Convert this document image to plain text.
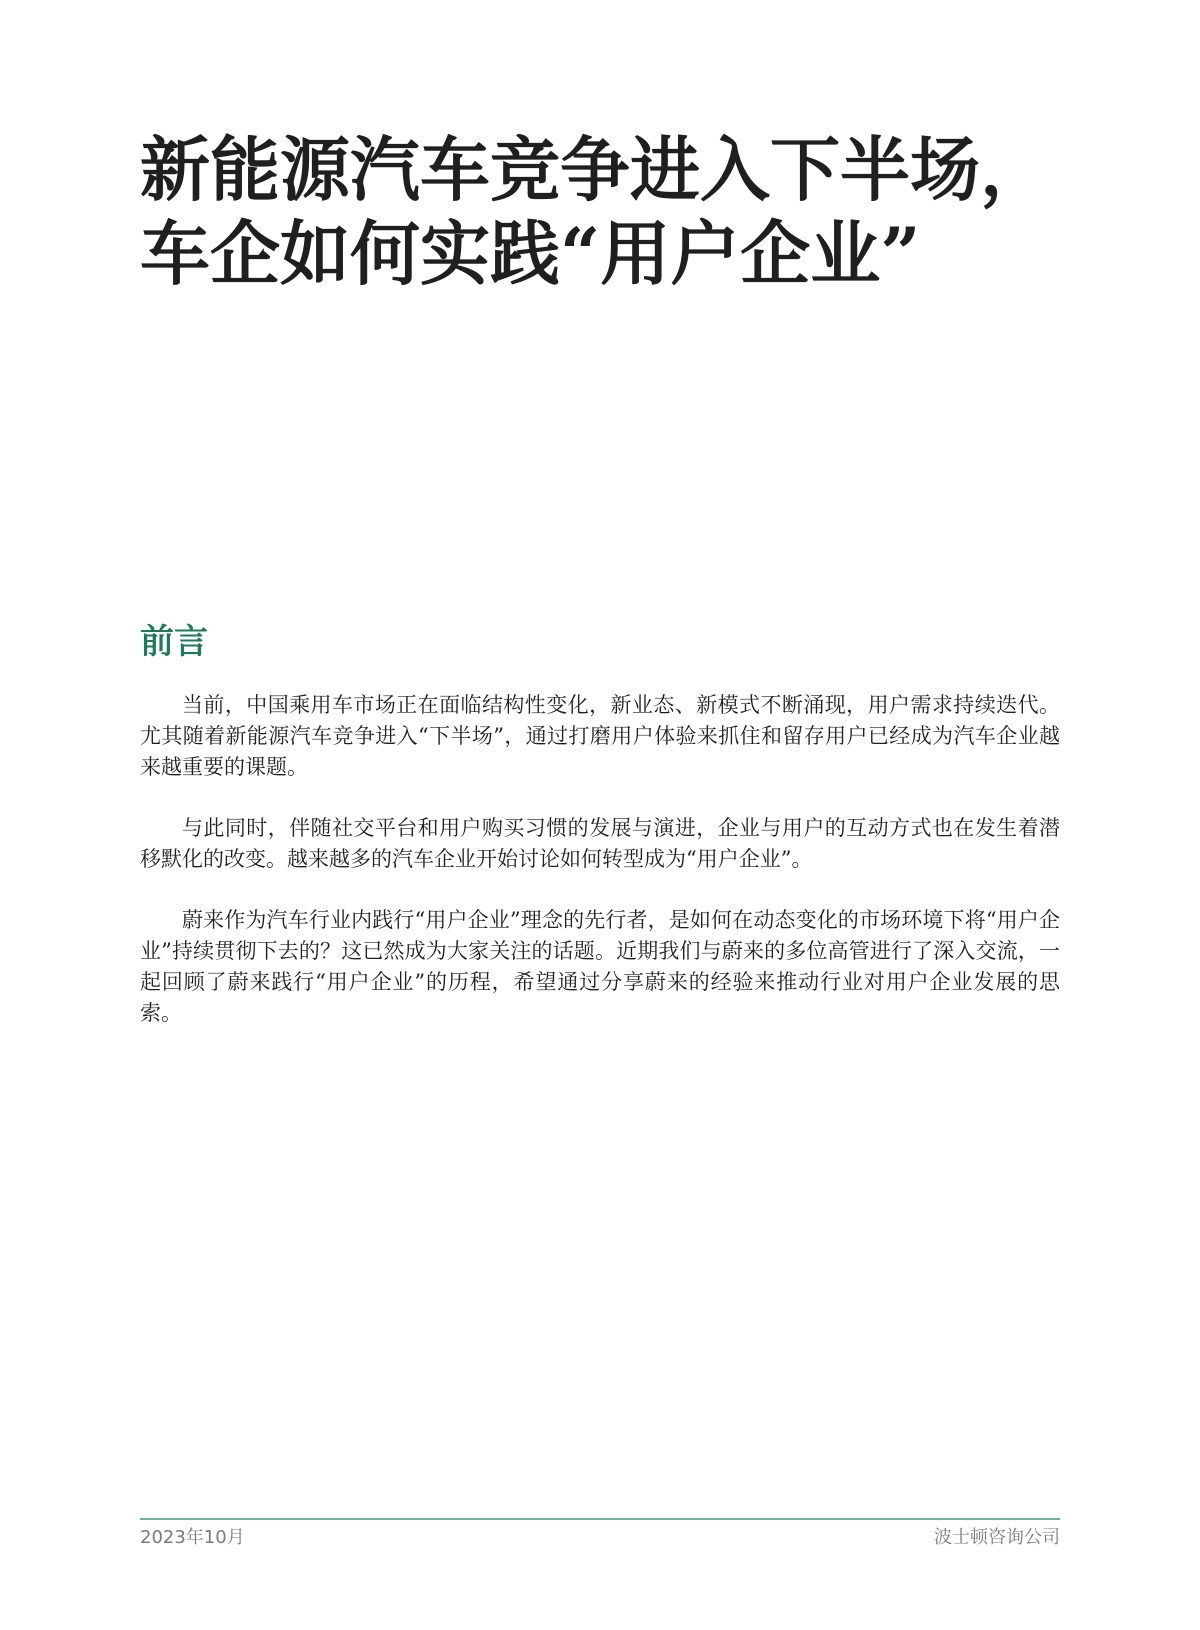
新能源汽车竞争进入下半场，
车企如何实践“用户企业”
前言

当前，中国乘用车市场正在面临结构性变化，新业态、新模式不断涌现，用户需求持续迭代。尤其随着新能源汽车竞争进入“下半场”，通过打磨用户体验来抓住和留存用户已经成为汽车企业越来越重要的课题。

与此同时，伴随社交平台和用户购买习惯的发展与演进，企业与用户的互动方式也在发生着潜移默化的改变。越来越多的汽车企业开始讨论如何转型成为“用户企业”。

蔚来作为汽车行业内践行“用户企业”理念的先行者，是如何在动态变化的市场环境下将“用户企业”持续贯彻下去的？这已然成为大家关注的话题。近期我们与蔚来的多位高管进行了深入交流，一起回顾了蔚来践行“用户企业”的历程，希望通过分享蔚来的经验来推动行业对用户企业发展的思索。

2023年10月	波士顿咨询公司
